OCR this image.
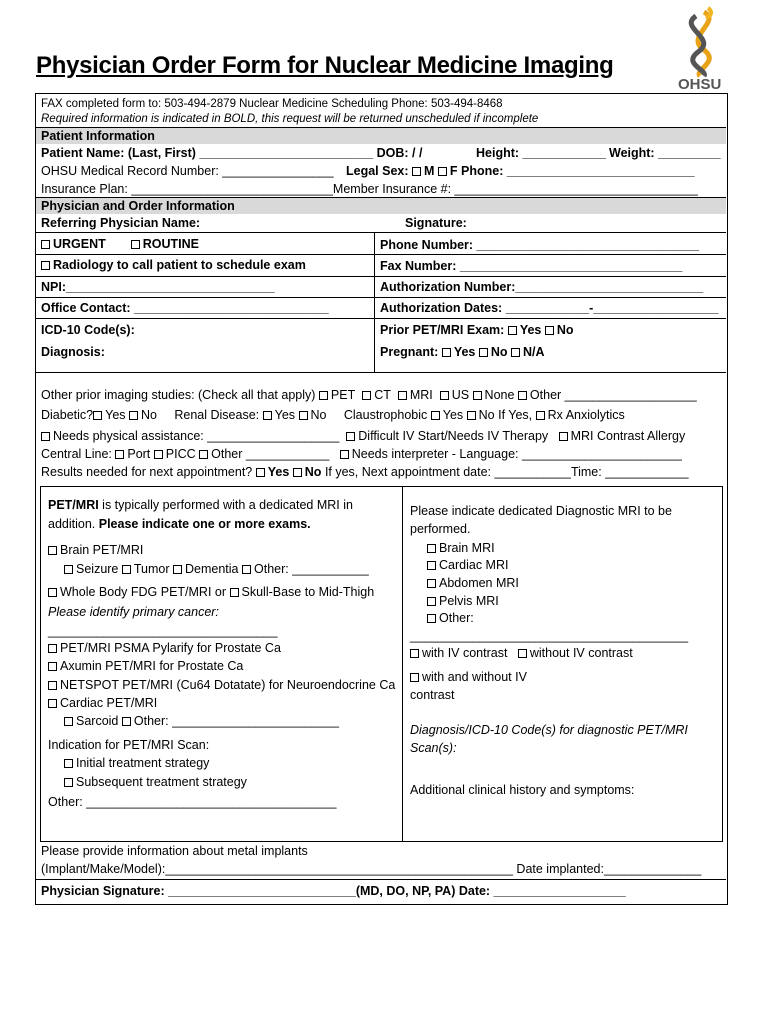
Physician Order Form for Nuclear Medicine Imaging
OHSU
FAX completed form to: 503-494-2879 Nuclear Medicine Scheduling Phone: 503-494-8468
Required information is indicated in BOLD, this request will be returned unscheduled if incomplete
Patient Information
Patient Name: (Last, First) _________________________ DOB: / /	Height: ____________ Weight: _________
OHSU Medical Record Number: ________________ Legal Sex: M F Phone: ___________________________
Insurance Plan: _____________________________Member Insurance #: ___________________________________
Physician and Order Information
Referring Physician Name:	Signature:
URGENT	ROUTINE	Phone Number: ________________________________
Radiology to call patient to schedule exam	Fax Number: ________________________________
NPI:______________________________	Authorization Number:___________________________
Office Contact: ____________________________	Authorization Dates: ____________-__________________
ICD-10 Code(s):	Prior PET/MRI Exam: Yes No
Diagnosis:	Pregnant: Yes No N/A
Other prior imaging studies: (Check all that apply) PET CT MRI US None Other ___________________
Diabetic? Yes No Renal Disease: Yes No Claustrophobic Yes No If Yes, Rx Anxiolytics
Needs physical assistance: ___________________ Difficult IV Start/Needs IV Therapy MRI Contrast Allergy
Central Line: Port PICC Other ____________ Needs interpreter - Language: _______________________
Results needed for next appointment? Yes No If yes, Next appointment date: ___________Time: ____________
PET/MRI is typically performed with a dedicated MRI in
addition. Please indicate one or more exams.
Brain PET/MRI
Seizure Tumor Dementia Other: ___________
Whole Body FDG PET/MRI or Skull-Base to Mid-Thigh
Please identify primary cancer:
_________________________________
PET/MRI PSMA Pylarify for Prostate Ca
Axumin PET/MRI for Prostate Ca
NETSPOT PET/MRI (Cu64 Dotatate) for Neuroendocrine Ca
Cardiac PET/MRI
Sarcoid Other: ________________________
Indication for PET/MRI Scan:
Initial treatment strategy
Subsequent treatment strategy
Other: ____________________________________
Please indicate dedicated Diagnostic MRI to be
performed.
Brain MRI
Cardiac MRI
Abdomen MRI
Pelvis MRI
Other:
________________________________________
with IV contrast without IV contrast
with and without IV
contrast
Diagnosis/ICD-10 Code(s) for diagnostic PET/MRI
Scan(s):
Additional clinical history and symptoms:
Please provide information about metal implants
(Implant/Make/Model):__________________________________________________ Date implanted:______________
Physician Signature: ___________________________(MD, DO, NP, PA) Date: ___________________
